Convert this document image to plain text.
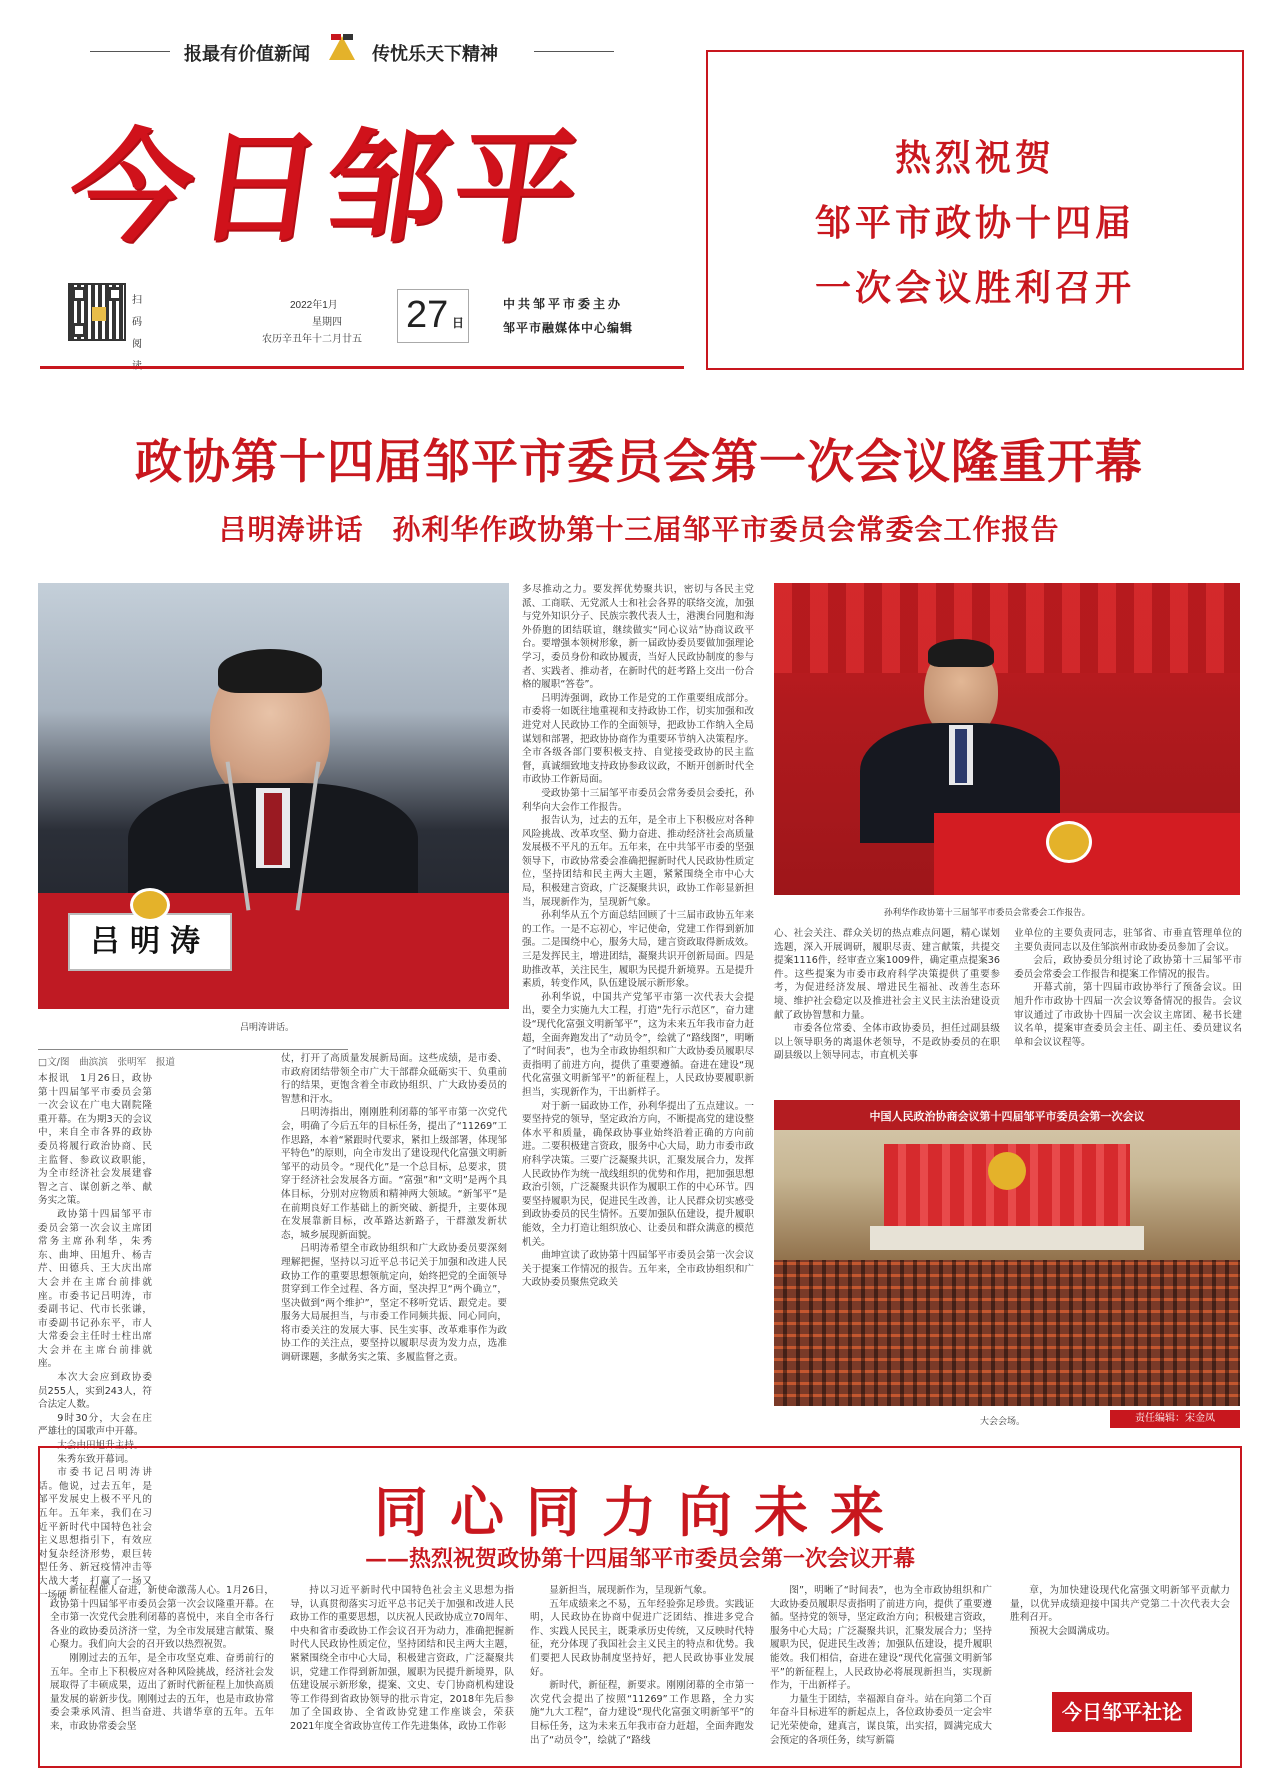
报最有价值新闻	传忧乐天下精神
今日邹平
扫码阅
2022年1月
星期四
农历辛丑年十二月廿五
27 日
中共邹平市委主办
邹平市融媒体中心编辑
热烈祝贺
邹平市政协十四届
一次会议胜利召开
政协第十四届邹平市委员会第一次会议隆重开幕
吕明涛讲话　孙利华作政协第十三届邹平市委员会常委会工作报告
吕明涛
吕明涛讲话。
□文/图　曲滨滨　张明军　报道

本报讯　1月26日，政协第十四届邹平市委员会第一次会议在广电大剧院隆重开幕。在为期3天的会议中，来自全市各界的政协委员将履行政治协商、民主监督、参政议政职能，为全市经济社会发展建睿智之言、谋创新之举、献务实之策。

政协第十四届邹平市委员会第一次会议主席团常务主席孙利华，朱秀东、曲坤、田旭升、杨吉芹、田德兵、王大庆出席大会并在主席台前排就座。市委书记吕明涛，市委副书记、代市长张谦，市委副书记孙东平，市人大常委会主任时士柱出席大会并在主席台前排就座。

本次大会应到政协委员255人，实到243人，符合法定人数。

9时30分，大会在庄严雄壮的国歌声中开幕。

大会由田旭升主持。

朱秀东致开幕词。

市委书记吕明涛讲话。他说，过去五年，是邹平发展史上极不平凡的五年。五年来，我们在习近平新时代中国特色社会主义思想指引下，有效应对复杂经济形势，艰巨转型任务、新冠疫情冲击等大战大考，打赢了一场又一场硬

仗，打开了高质量发展新局面。这些成绩，是市委、市政府团结带领全市广大干部群众砥砺实干、负重前行的结果，更饱含着全市政协组织、广大政协委员的智慧和汗水。

吕明涛指出，刚刚胜利闭幕的邹平市第一次党代会，明确了今后五年的目标任务，提出了“11269”工作思路，本着“紧跟时代要求，紧扣上级部署，体现邹平特色”的原则，向全市发出了建设现代化富强文明新邹平的动员令。“现代化”是一个总目标，总要求，贯穿于经济社会发展各方面。“富强”和“文明”是两个具体目标，分别对应物质和精神两大领域。“新邹平”是在前期良好工作基础上的新突破、新提升，主要体现在发展靠新目标，改革路达新路子，干群激发新状态，城乡展现新面貌。

吕明涛希望全市政协组织和广大政协委员要深刻理解把握，坚持以习近平总书记关于加强和改进人民政协工作的重要思想领航定向，始终把党的全面领导贯穿到工作全过程、各方面，坚决捍卫“两个确立”，坚决做到“两个维护”，坚定不移听党话、跟党走。要服务大局展担当，与市委工作同频共振、同心同向，将市委关注的发展大事、民生实事、改革难事作为政协工作的关注点，要坚持以履职尽责为发力点，选准调研课题，多献务实之策、多履监督之责。

多尽推动之力。要发挥优势聚共识，密切与各民主党派、工商联、无党派人士和社会各界的联络交流，加强与党外知识分子、民族宗教代表人士，港澳台同胞和海外侨胞的团结联谊，继续做实“同心议站”协商议政平台。要增强本领树形象，新一届政协委员要做加强理论学习，委员身份和政协履责，当好人民政协制度的参与者、实践者、推动者，在新时代的赶考路上交出一份合格的履职“答卷”。

吕明涛强调，政协工作是党的工作重要组成部分。市委将一如既往地重视和支持政协工作，切实加强和改进党对人民政协工作的全面领导，把政协工作纳入全局谋划和部署，把政协协商作为重要环节纳入决策程序。全市各级各部门要积极支持、自觉接受政协的民主监督，真诚细致地支持政协参政议政，不断开创新时代全市政协工作新局面。

受政协第十三届邹平市委员会常务委员会委托，孙利华向大会作工作报告。

报告认为，过去的五年，是全市上下积极应对各种风险挑战、改革攻坚、勤力奋进、推动经济社会高质量发展极不平凡的五年。五年来，在中共邹平市委的坚强领导下，市政协常委会准确把握新时代人民政协性质定位，坚持团结和民主两大主题，紧紧围绕全市中心大局，积极建言资政，广泛凝聚共识，政协工作彰显新担当，展现新作为，呈现新气象。

孙利华从五个方面总结回顾了十三届市政协五年来的工作。一是不忘初心，牢记使命，党建工作得到新加强。二是围绕中心，服务大局，建言资政取得新成效。三是发挥民主，增进团结，凝聚共识开创新局面。四是助推改革，关注民生，履职为民提升新境界。五是提升素质，转变作风，队伍建设展示新形象。

孙利华说，中国共产党邹平市第一次代表大会提出，要全力实施九大工程，打造“先行示范区”，奋力建设“现代化富强文明新邹平”，这为未来五年我市奋力赶超，全面奔跑发出了“动员令”，绘就了“路线图”，明晰了“时间表”，也为全市政协组织和广大政协委员履职尽责指明了前进方向，提供了重要遵循。奋进在建设“现代化富强文明新邹平”的新征程上，人民政协要履职新担当，实现新作为，干出新样子。

对于新一届政协工作，孙利华提出了五点建议。一要坚持党的领导，坚定政治方向，不断提高党的建设整体水平和质量，确保政协事业始终沿着正确的方向前进。二要积极建言资政，服务中心大局，助力市委市政府科学决策。三要广泛凝聚共识，汇聚发展合力，发挥人民政协作为统一战线组织的优势和作用，把加强思想政治引领，广泛凝聚共识作为履职工作的中心环节。四要坚持履职为民，促进民生改善，让人民群众切实感受到政协委员的民生情怀。五要加强队伍建设，提升履职能效，全力打造让组织放心、让委员和群众满意的模范机关。

曲坤宣读了政协第十四届邹平市委员会第一次会议关于提案工作情况的报告。五年来，全市政协组织和广大政协委员聚焦党政关

孙利华作政协第十三届邹平市委员会常委会工作报告。

心、社会关注、群众关切的热点难点问题，精心谋划选题，深入开展调研，履职尽责、建言献策，共提交提案1116件，经审查立案1009件，确定重点提案36件。这些提案为市委市政府科学决策提供了重要参考，为促进经济发展、增进民生福祉、改善生态环境、维护社会稳定以及推进社会主义民主法治建设贡献了政协智慧和力量。

市委各位常委、全体市政协委员，担任过副县级以上领导职务的离退休老领导，不是政协委员的在职副县级以上领导同志，市直机关事

业单位的主要负责同志，驻邹省、市垂直管理单位的主要负责同志以及住邹滨州市政协委员参加了会议。

会后，政协委员分组讨论了政协第十三届邹平市委员会常委会工作报告和提案工作情况的报告。

开幕式前，第十四届市政协举行了预备会议。田旭升作市政协十四届一次会议筹备情况的报告。会议审议通过了市政协十四届一次会议主席团、秘书长建议名单，提案审查委员会主任、副主任、委员建议名单和会议议程等。

中国人民政治协商会议第十四届邹平市委员会第一次会议
大会会场。	责任编辑：宋金凤
同心同力向未来
——热烈祝贺政协第十四届邹平市委员会第一次会议开幕

新征程催人奋进，新使命激荡人心。1月26日，政协第十四届邹平市委员会第一次会议隆重开幕。在全市第一次党代会胜利闭幕的喜悦中，来自全市各行各业的政协委员济济一堂，为全市发展建言献策、聚心聚力。我们向大会的召开致以热烈祝贺。

刚刚过去的五年，是全市攻坚克难、奋勇前行的五年。全市上下积极应对各种风险挑战，经济社会发展取得了丰硕成果，迈出了新时代新征程上加快高质量发展的崭新步伐。刚刚过去的五年，也是市政协常委会秉承风清、担当奋进、共谱华章的五年。五年来，市政协常委会坚

持以习近平新时代中国特色社会主义思想为指导，认真贯彻落实习近平总书记关于加强和改进人民政协工作的重要思想，以庆祝人民政协成立70周年、中央和省市委政协工作会议召开为动力，准确把握新时代人民政协性质定位，坚持团结和民主两大主题，紧紧围绕全市中心大局，积极建言资政，广泛凝聚共识，党建工作得到新加强，履职为民提升新境界，队伍建设展示新形象，提案、文史、专门协商机构建设等工作得到省政协领导的批示肯定，2018年先后参加了全国政协、全省政协党建工作座谈会，荣获2021年度全省政协宣传工作先进集体，政协工作彰

显新担当，展现新作为，呈现新气象。

五年成绩来之不易，五年经验弥足珍贵。实践证明，人民政协在协商中促进广泛团结、推进多党合作、实践人民民主，既秉承历史传统，又反映时代特征，充分体现了我国社会主义民主的特点和优势。我们要把人民政协制度坚持好，把人民政协事业发展好。

新时代，新征程，新要求。刚刚闭幕的全市第一次党代会提出了按照“11269”工作思路，全力实施“九大工程”，奋力建设“现代化富强文明新邹平”的目标任务，这为未来五年我市奋力赶超，全面奔跑发出了“动员令”，绘就了“路线

图”，明晰了“时间表”，也为全市政协组织和广大政协委员履职尽责指明了前进方向，提供了重要遵循。坚持党的领导，坚定政治方向；积极建言资政，服务中心大局；广泛凝聚共识，汇聚发展合力；坚持履职为民，促进民生改善；加强队伍建设，提升履职能效。我们相信，奋进在建设“现代化富强文明新邹平”的新征程上，人民政协必将展现新担当，实现新作为，干出新样子。

力量生于团结，幸福源自奋斗。站在向第二个百年奋斗目标进军的新起点上，各位政协委员一定会牢记光荣使命，建真言，谋良策，出实招，圆满完成大会预定的各项任务，续写新篇

章，为加快建设现代化富强文明新邹平贡献力量，以优异成绩迎接中国共产党第二十次代表大会胜利召开。

预祝大会圆满成功。

今日邹平社论
